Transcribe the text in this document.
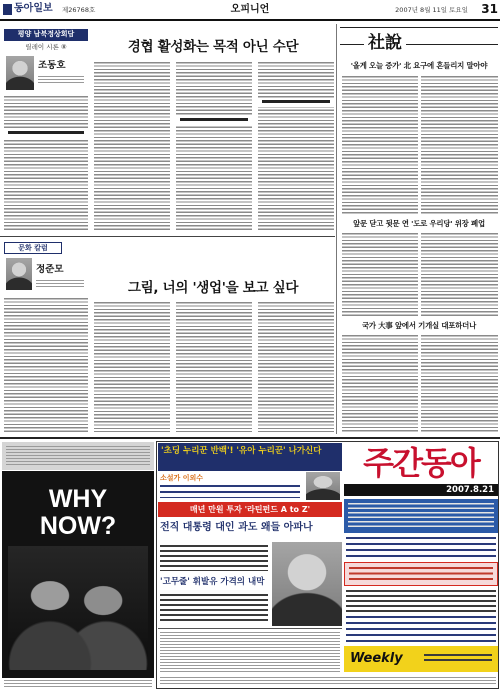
동아일보	제26768호	오피니언	2007년 8월 11일 토요일	31
평양 남북정상회담
릴레이 시론 ⑧
조동호
경협 활성화는 목적 아닌 수단
문화 칼럼
정준모
그림, 너의 '생업'을 보고 싶다
社說
'올게 오늘 증가' 北 요구에 흔들리지 말아야
앞문 닫고 뒷문 연 '도로 우리당' 위장 폐업
국가 大事 앞에서 기개실 대포하더나
WHY NOW?
'초딩 누리꾼 반백'! '유아 누리꾼' 나가신다
소설가 이외수
매년 만원 투자 '라틴펀드 A to Z'
전직 대통령 대인 과도 왜들 아파나
'고무줄' 휘발유 가격의 내막
주간동아
2007.8.21
Weekly
